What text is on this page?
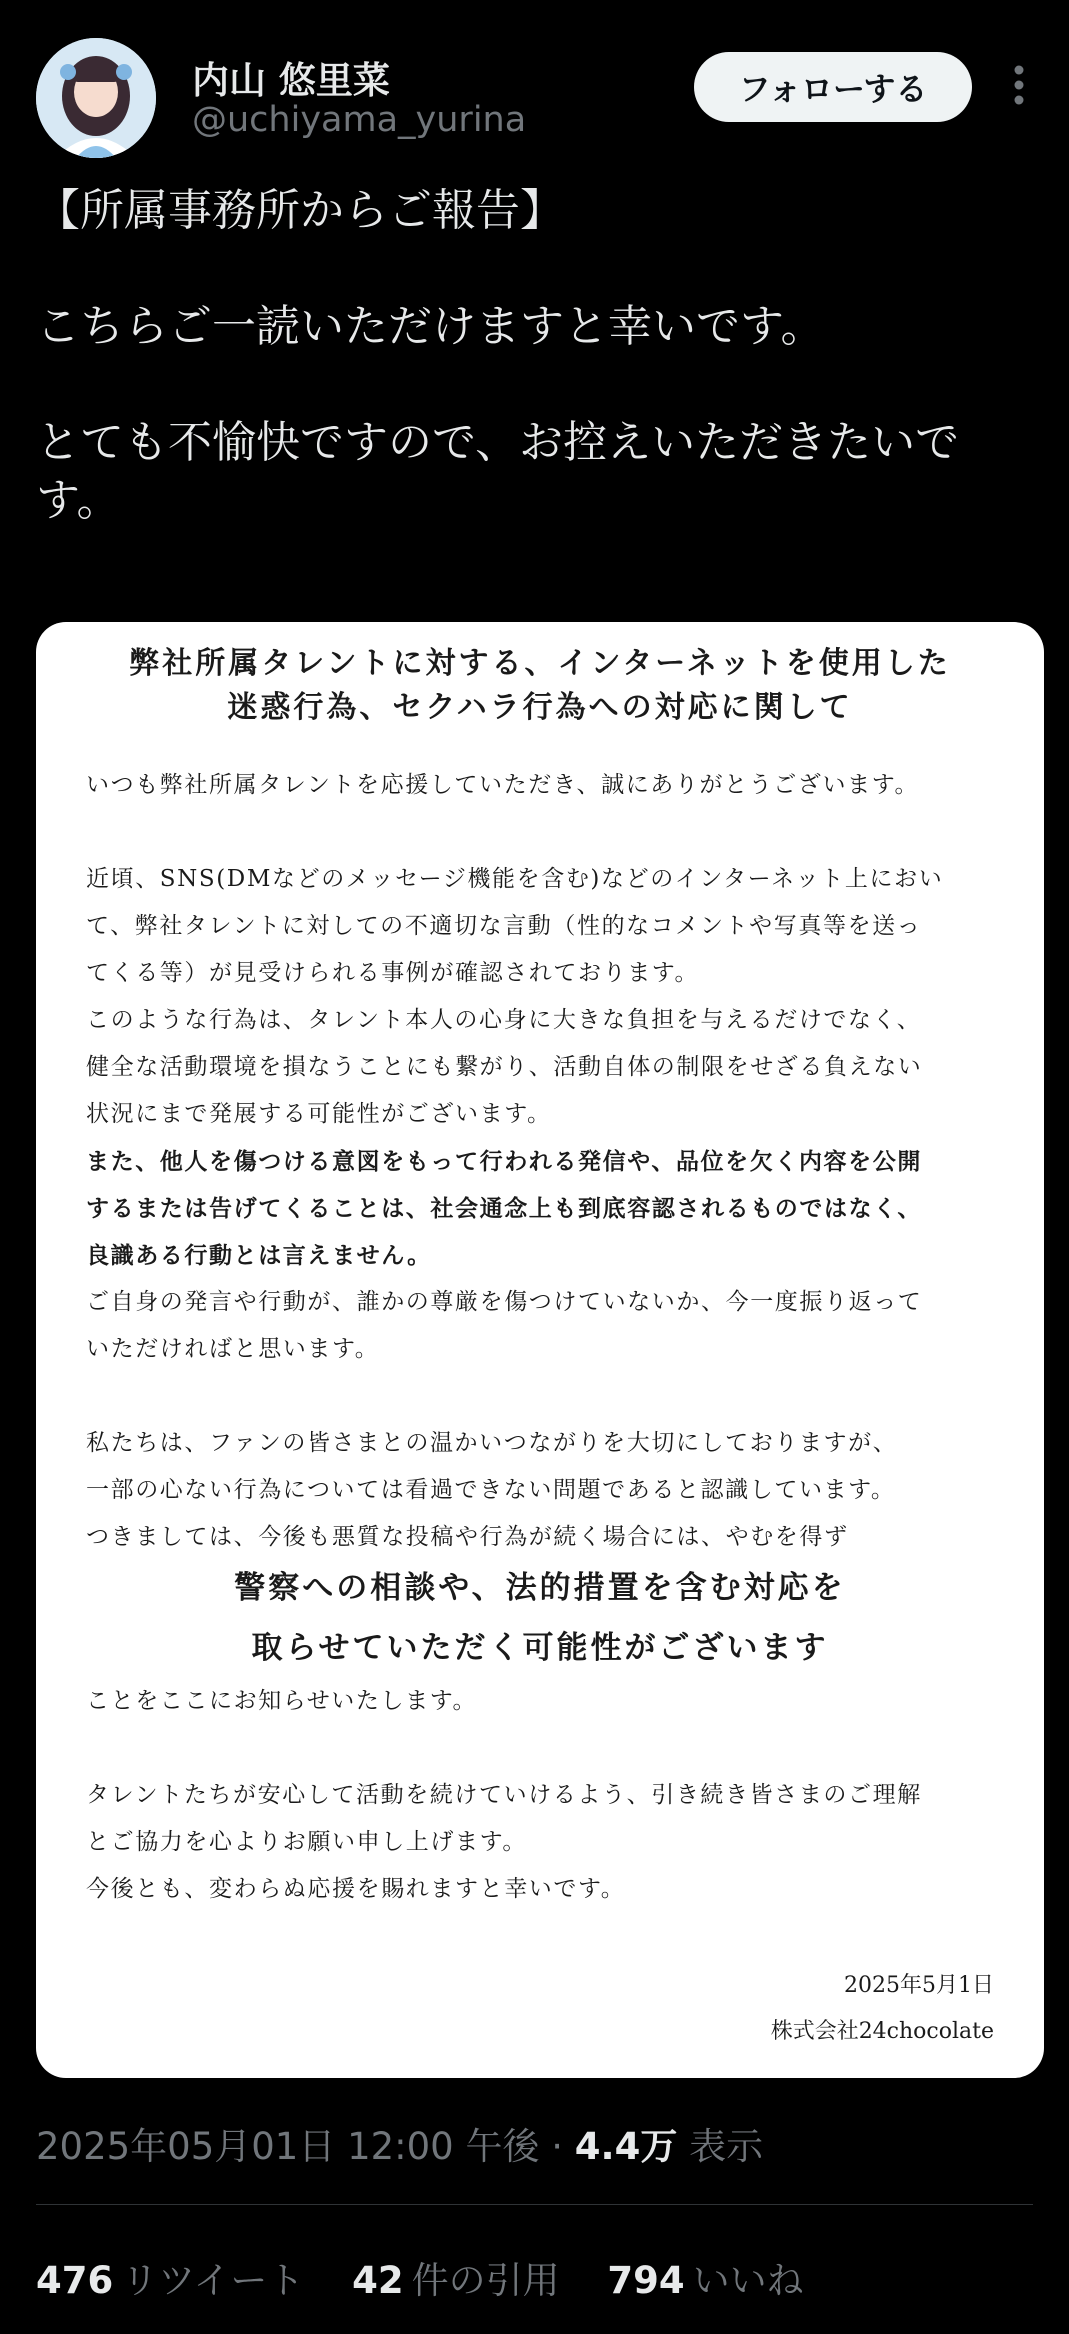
内山 悠里菜
@uchiyama_yurina
フォローする

【所属事務所からご報告】

こちらご一読いただけますと幸いです。

とても不愉快ですので、お控えいただきたいで

す。

弊社所属タレントに対する、インターネットを使用した
迷惑行為、セクハラ行為への対応に関して
いつも弊社所属タレントを応援していただき、誠にありがとうございます。
近頃、SNS(DMなどのメッセージ機能を含む)などのインターネット上におい
て、弊社タレントに対しての不適切な言動（性的なコメントや写真等を送っ
てくる等）が見受けられる事例が確認されております。
このような行為は、タレント本人の心身に大きな負担を与えるだけでなく、
健全な活動環境を損なうことにも繋がり、活動自体の制限をせざる負えない
状況にまで発展する可能性がございます。
また、他人を傷つける意図をもって行われる発信や、品位を欠く内容を公開
するまたは告げてくることは、社会通念上も到底容認されるものではなく、
良識ある行動とは言えません。
ご自身の発言や行動が、誰かの尊厳を傷つけていないか、今一度振り返って
いただければと思います。
私たちは、ファンの皆さまとの温かいつながりを大切にしておりますが、
一部の心ない行為については看過できない問題であると認識しています。
つきましては、今後も悪質な投稿や行為が続く場合には、やむを得ず
警察への相談や、法的措置を含む対応を
取らせていただく可能性がございます
ことをここにお知らせいたします。
タレントたちが安心して活動を続けていけるよう、引き続き皆さまのご理解
とご協力を心よりお願い申し上げます。
今後とも、変わらぬ応援を賜れますと幸いです。
2025年5月1日
株式会社24chocolate
2025年05月01日 12:00 午後 · 4.4万 表示
476 リツイート 42 件の引用 794 いいね
